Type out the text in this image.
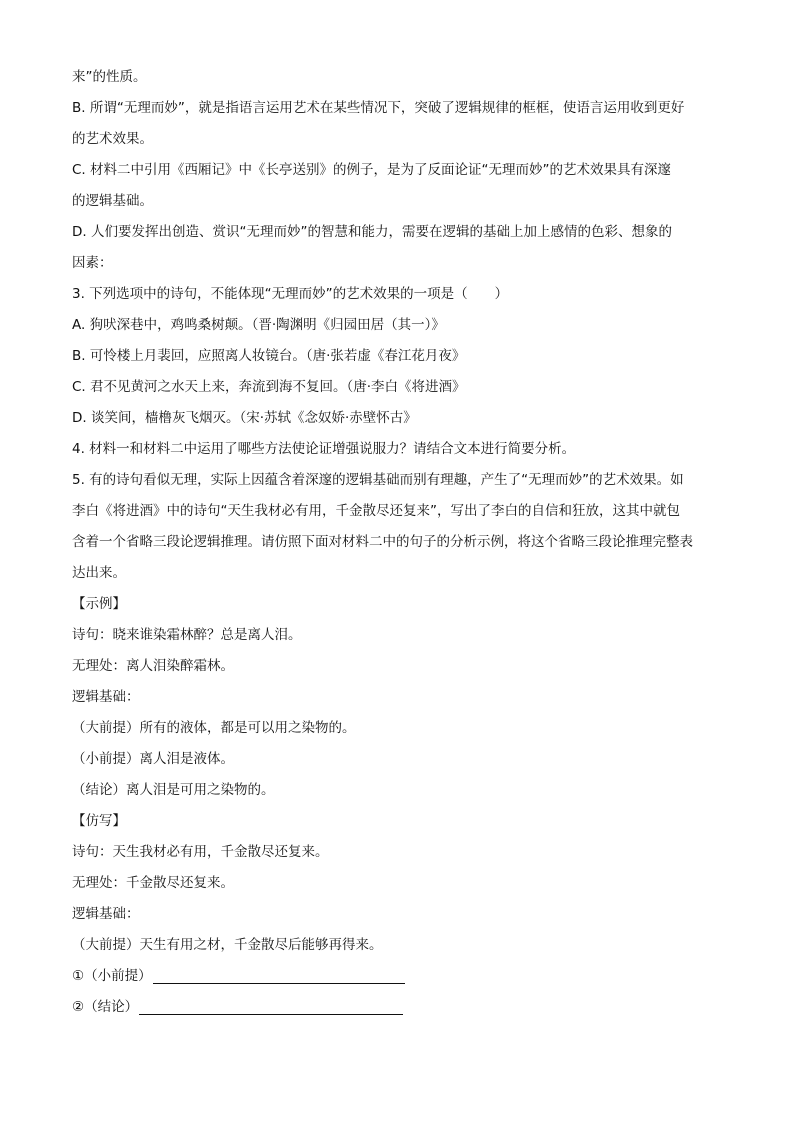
来”的性质。
B. 所谓“无理而妙”，就是指语言运用艺术在某些情况下，突破了逻辑规律的框框，使语言运用收到更好
的艺术效果。
C. 材料二中引用《西厢记》中《长亭送别》的例子，是为了反面论证“无理而妙”的艺术效果具有深邃
的逻辑基础。
D. 人们要发挥出创造、赏识“无理而妙”的智慧和能力，需要在逻辑的基础上加上感情的色彩、想象的
因素：
3. 下列选项中的诗句，不能体现“无理而妙”的艺术效果的一项是（　　）
A. 狗吠深巷中，鸡鸣桑树颠。（晋·陶渊明《归园田居（其一）》
B. 可怜楼上月裴回，应照离人妆镜台。（唐·张若虚《春江花月夜》
C. 君不见黄河之水天上来，奔流到海不复回。（唐·李白《将进酒》
D. 谈笑间，樯橹灰飞烟灭。（宋·苏轼《念奴娇·赤壁怀古》
4. 材料一和材料二中运用了哪些方法使论证增强说服力？请结合文本进行简要分析。
5. 有的诗句看似无理，实际上因蕴含着深邃的逻辑基础而别有理趣，产生了“无理而妙”的艺术效果。如
李白《将进酒》中的诗句“天生我材必有用，千金散尽还复来”，写出了李白的自信和狂放，这其中就包
含着一个省略三段论逻辑推理。请仿照下面对材料二中的句子的分析示例，将这个省略三段论推理完整表
达出来。
【示例】
诗句：晓来谁染霜林醉？总是离人泪。
无理处：离人泪染醉霜林。
逻辑基础：
（大前提）所有的液体，都是可以用之染物的。
（小前提）离人泪是液体。
（结论）离人泪是可用之染物的。
【仿写】
诗句：天生我材必有用，千金散尽还复来。
无理处：千金散尽还复来。
逻辑基础：
（大前提）天生有用之材，千金散尽后能够再得来。
①（小前提）
②（结论）
